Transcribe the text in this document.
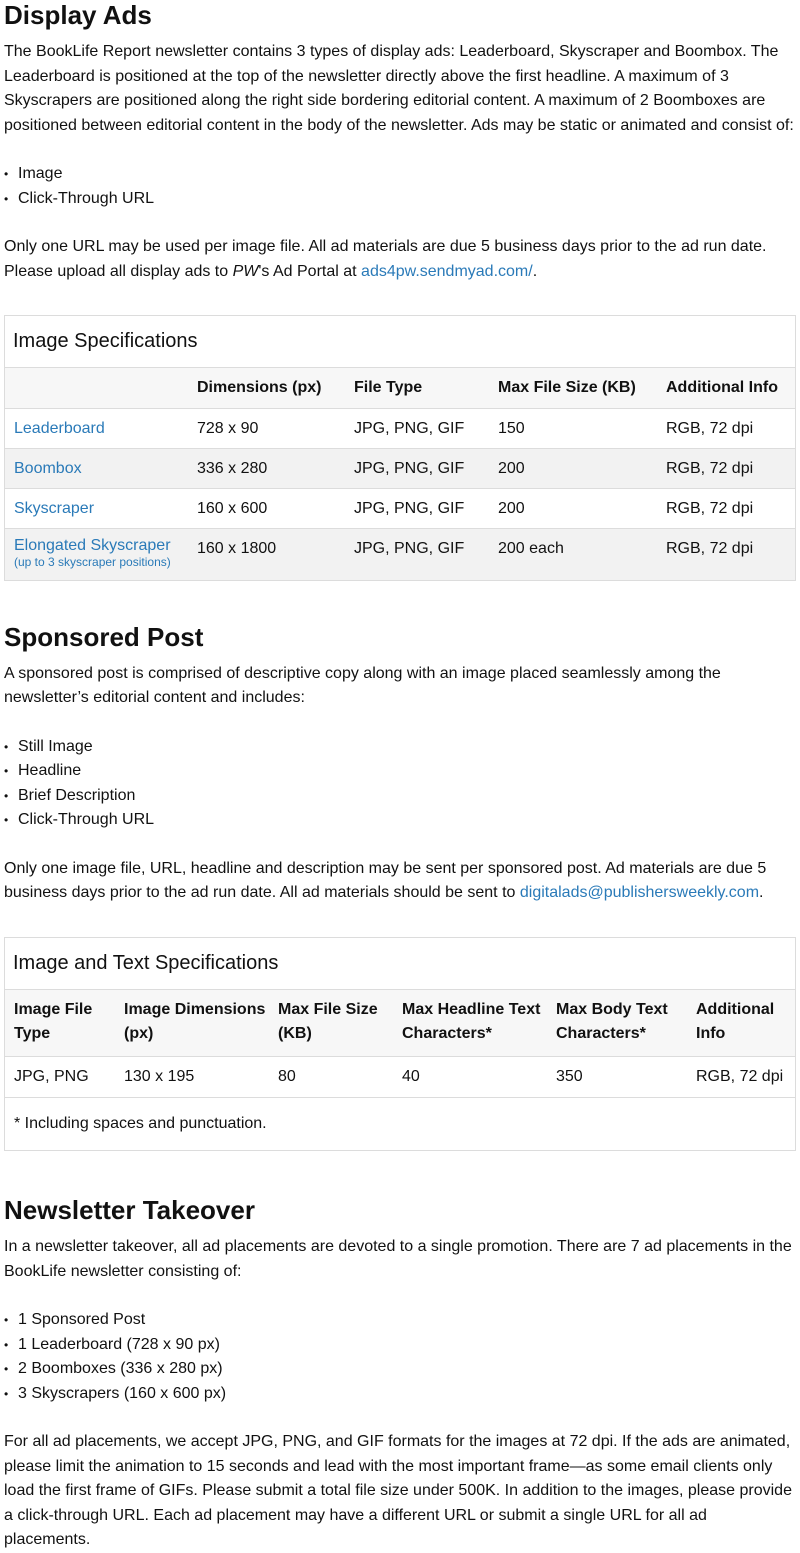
Display Ads

The BookLife Report newsletter contains 3 types of display ads: Leaderboard, Skyscraper and Boombox. The Leaderboard is positioned at the top of the newsletter directly above the first headline. A maximum of 3 Skyscrapers are positioned along the right side bordering editorial content. A maximum of 2 Boomboxes are positioned between editorial content in the body of the newsletter. Ads may be static or animated and consist of:

• Image
• Click-Through URL

Only one URL may be used per image file. All ad materials are due 5 business days prior to the ad run date. Please upload all display ads to PW's Ad Portal at ads4pw.sendmyad.com/.

Image Specifications
	Dimensions (px)	File Type	Max File Size (KB)	Additional Info
Leaderboard	728 x 90	JPG, PNG, GIF	150	RGB, 72 dpi
Boombox	336 x 280	JPG, PNG, GIF	200	RGB, 72 dpi
Skyscraper	160 x 600	JPG, PNG, GIF	200	RGB, 72 dpi
Elongated Skyscraper
(up to 3 skyscraper positions)	160 x 1800	JPG, PNG, GIF	200 each	RGB, 72 dpi
Sponsored Post

A sponsored post is comprised of descriptive copy along with an image placed seamlessly among the newsletter’s editorial content and includes:

• Still Image
• Headline
• Brief Description
• Click-Through URL

Only one image file, URL, headline and description may be sent per sponsored post. Ad materials are due 5 business days prior to the ad run date. All ad materials should be sent to digitalads@publishersweekly.com.

Image and Text Specifications
Image File Type	Image Dimensions (px)	Max File Size (KB)	Max Headline Text Characters*	Max Body Text Characters*	Additional Info
JPG, PNG	130 x 195	80	40	350	RGB, 72 dpi
* Including spaces and punctuation.
Newsletter Takeover

In a newsletter takeover, all ad placements are devoted to a single promotion. There are 7 ad placements in the BookLife newsletter consisting of:

• 1 Sponsored Post
• 1 Leaderboard (728 x 90 px)
• 2 Boomboxes (336 x 280 px)
• 3 Skyscrapers (160 x 600 px)

For all ad placements, we accept JPG, PNG, and GIF formats for the images at 72 dpi. If the ads are animated, please limit the animation to 15 seconds and lead with the most important frame—as some email clients only load the first frame of GIFs. Please submit a total file size under 500K. In addition to the images, please provide a click-through URL. Each ad placement may have a different URL or submit a single URL for all ad placements.
